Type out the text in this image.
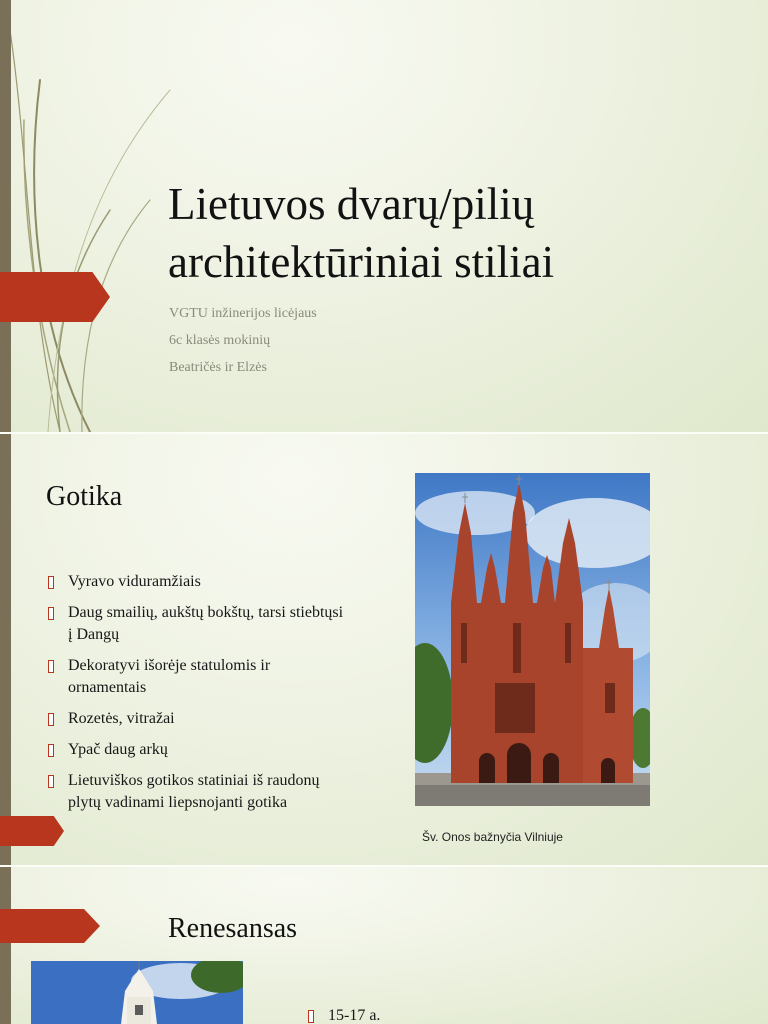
Lietuvos dvarų/pilių
architektūriniai stiliai
VGTU inžinerijos licėjaus
6c klasės mokinių
Beatričės ir Elzės
Gotika
Vyravo viduramžiais
Daug smailių, aukštų bokštų, tarsi stiebtųsi į Dangų
Dekoratyvi išorėje statulomis ir ornamentais
Rozetės, vitražai
Ypač daug arkų
Lietuviškos gotikos statiniai iš raudonų plytų vadinami liepsnojanti gotika
Šv. Onos bažnyčia Vilniuje
Renesansas
15-17 a.
